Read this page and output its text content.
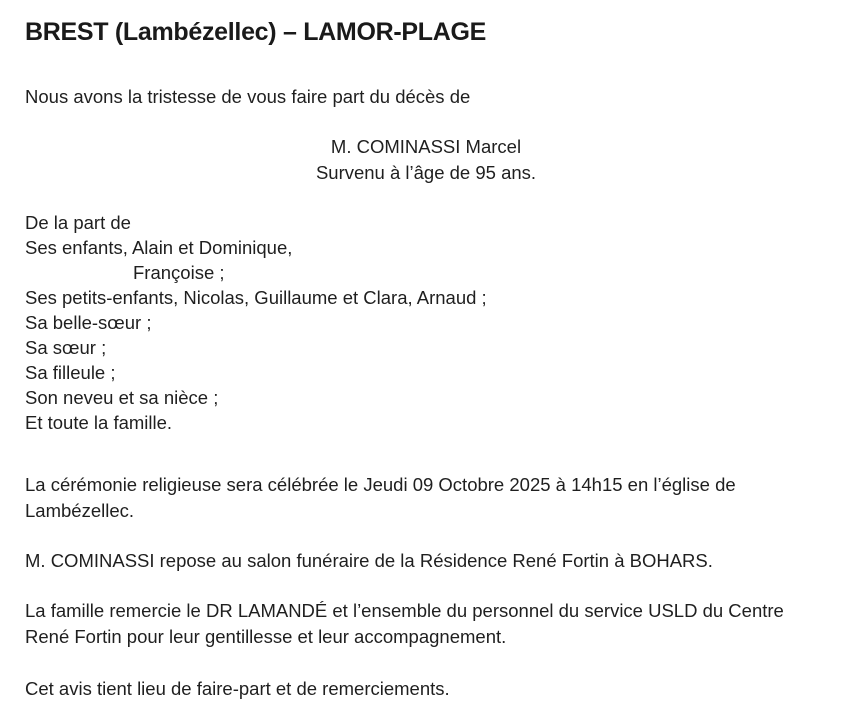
BREST (Lambézellec) – LAMOR-PLAGE

Nous avons la tristesse de vous faire part du décès de

M. COMINASSI Marcel

Survenu à l’âge de 95 ans.

De la part de

Ses enfants, Alain et Dominique,

Françoise ;

Ses petits-enfants, Nicolas, Guillaume et Clara, Arnaud ;

Sa belle-sœur ;

Sa sœur ;

Sa filleule ;

Son neveu et sa nièce ;

Et toute la famille.

La cérémonie religieuse sera célébrée le Jeudi 09 Octobre 2025 à 14h15 en l’église de

Lambézellec.

M. COMINASSI repose au salon funéraire de la Résidence René Fortin à BOHARS.

La famille remercie le DR LAMANDÉ et l’ensemble du personnel du service USLD du Centre

René Fortin pour leur gentillesse et leur accompagnement.

Cet avis tient lieu de faire-part et de remerciements.
